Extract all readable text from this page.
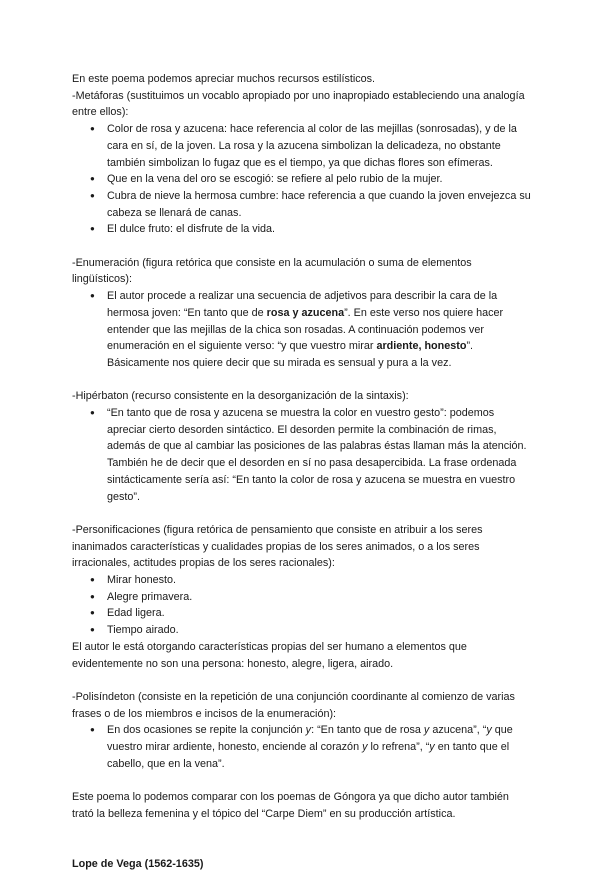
En este poema podemos apreciar muchos recursos estilísticos.

-Metáforas (sustituimos un vocablo apropiado por uno inapropiado estableciendo una analogía entre ellos):

● Color de rosa y azucena: hace referencia al color de las mejillas (sonrosadas), y de la cara en sí, de la joven. La rosa y la azucena simbolizan la delicadeza, no obstante también simbolizan lo fugaz que es el tiempo, ya que dichas flores son efímeras.
● Que en la vena del oro se escogió: se refiere al pelo rubio de la mujer.
● Cubra de nieve la hermosa cumbre: hace referencia a que cuando la joven envejezca su cabeza se llenará de canas.
● El dulce fruto: el disfrute de la vida.

-Enumeración (figura retórica que consiste en la acumulación o suma de elementos lingüísticos):

● El autor procede a realizar una secuencia de adjetivos para describir la cara de la hermosa joven: “En tanto que de rosa y azucena”. En este verso nos quiere hacer entender que las mejillas de la chica son rosadas. A continuación podemos ver enumeración en el siguiente verso: “y que vuestro mirar ardiente, honesto”. Básicamente nos quiere decir que su mirada es sensual y pura a la vez.

-Hipérbaton (recurso consistente en la desorganización de la sintaxis):

● “En tanto que de rosa y azucena se muestra la color en vuestro gesto”: podemos apreciar cierto desorden sintáctico. El desorden permite la combinación de rimas, además de que al cambiar las posiciones de las palabras éstas llaman más la atención. También he de decir que el desorden en sí no pasa desapercibida. La frase ordenada sintácticamente sería así: “En tanto la color de rosa y azucena se muestra en vuestro gesto”.

-Personificaciones (figura retórica de pensamiento que consiste en atribuir a los seres inanimados características y cualidades propias de los seres animados, o a los seres irracionales, actitudes propias de los seres racionales):

● Mirar honesto.
● Alegre primavera.
● Edad ligera.
● Tiempo airado.

El autor le está otorgando características propias del ser humano a elementos que evidentemente no son una persona: honesto, alegre, ligera, airado.

-Polisíndeton (consiste en la repetición de una conjunción coordinante al comienzo de varias frases o de los miembros e incisos de la enumeración):

● En dos ocasiones se repite la conjunción y: “En tanto que de rosa y azucena”, “y que vuestro mirar ardiente, honesto, enciende al corazón y lo refrena”, “y en tanto que el cabello, que en la vena”.

Este poema lo podemos comparar con los poemas de Góngora ya que dicho autor también trató la belleza femenina y el tópico del “Carpe Diem” en su producción artística.

Lope de Vega (1562-1635)
